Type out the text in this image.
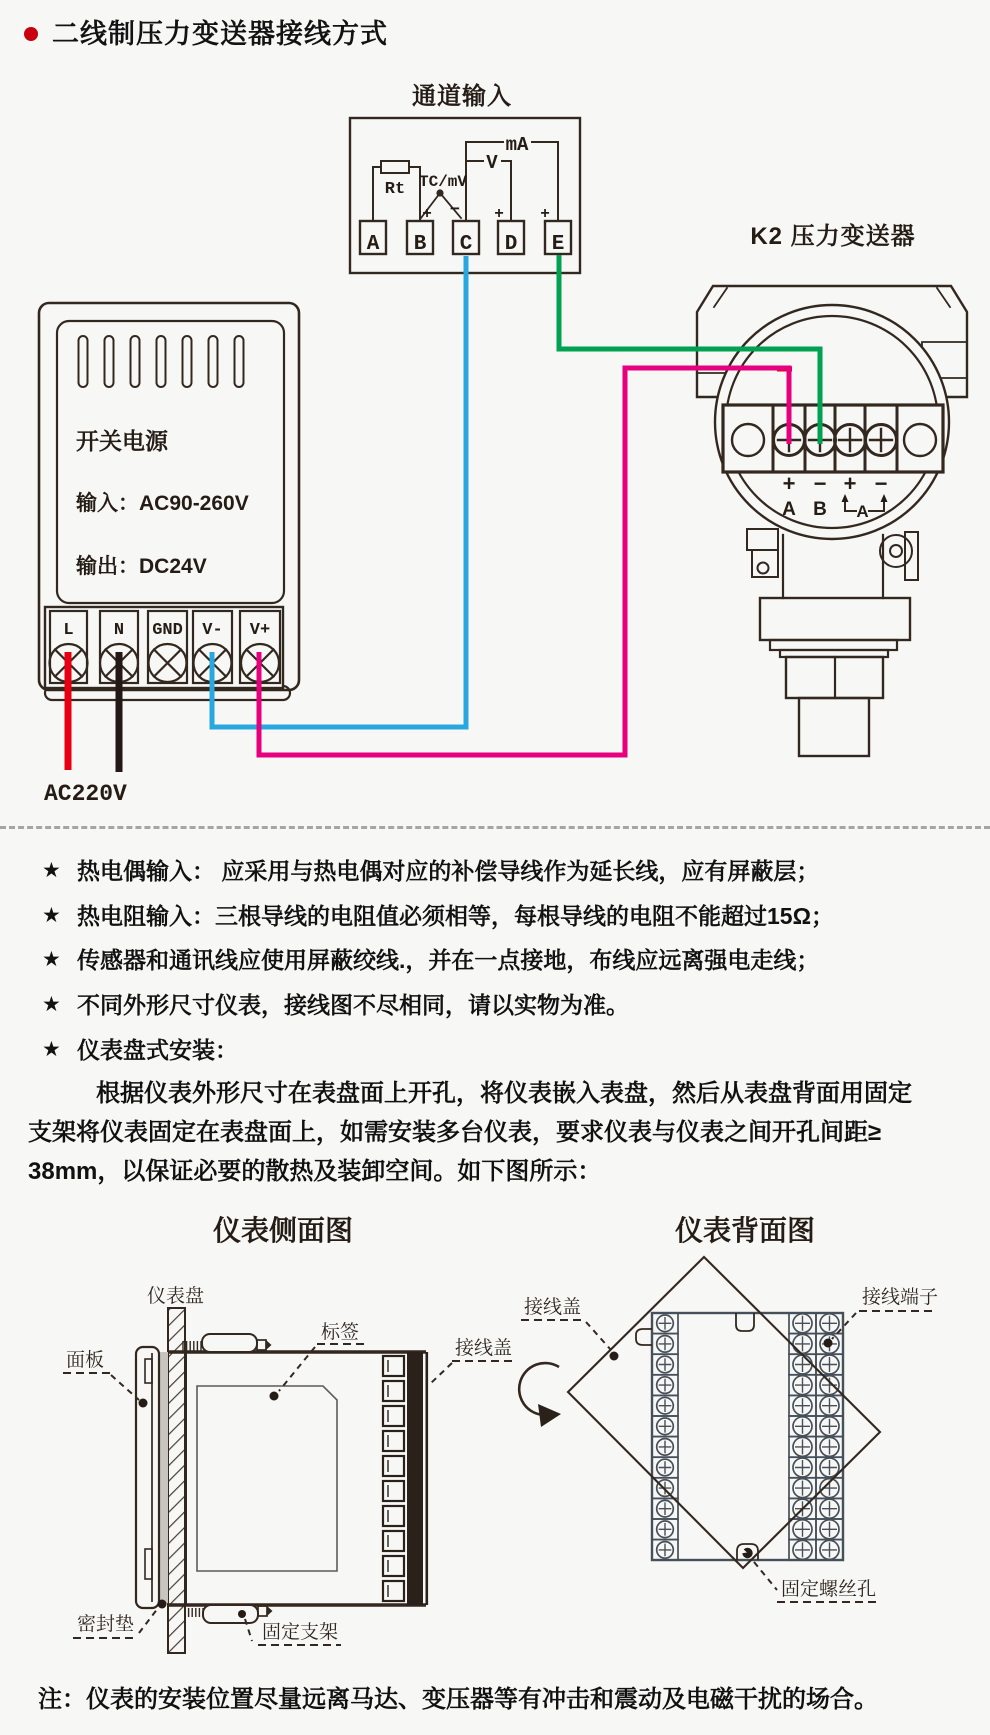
二线制压力变送器接线方式
通道输入
A B C D E
Rt TC/mV
V
mA
+ − + +
K2 压力变送器
+ − + −
A B A
开关电源
输入：AC90-260V
输出：DC24V
L N GND V- V+
AC220V
★ 热电偶输入： 应采用与热电偶对应的补偿导线作为延长线，应有屏蔽层；
★ 热电阻输入：三根导线的电阻值必须相等，每根导线的电阻不能超过15Ω；
★ 传感器和通讯线应使用屏蔽绞线.，并在一点接地，布线应远离强电走线；
★ 不同外形尺寸仪表，接线图不尽相同，请以实物为准。
★ 仪表盘式安装：
根据仪表外形尺寸在表盘面上开孔，将仪表嵌入表盘，然后从表盘背面用固定
支架将仪表固定在表盘面上，如需安装多台仪表，要求仪表与仪表之间开孔间距≥
38mm，以保证必要的散热及装卸空间。如下图所示：
仪表侧面图	仪表背面图
仪表盘
面板
标签
接线盖
密封垫	固定支架
接线盖	接线端子
固定螺丝孔
注：仪表的安装位置尽量远离马达、变压器等有冲击和震动及电磁干扰的场合。
